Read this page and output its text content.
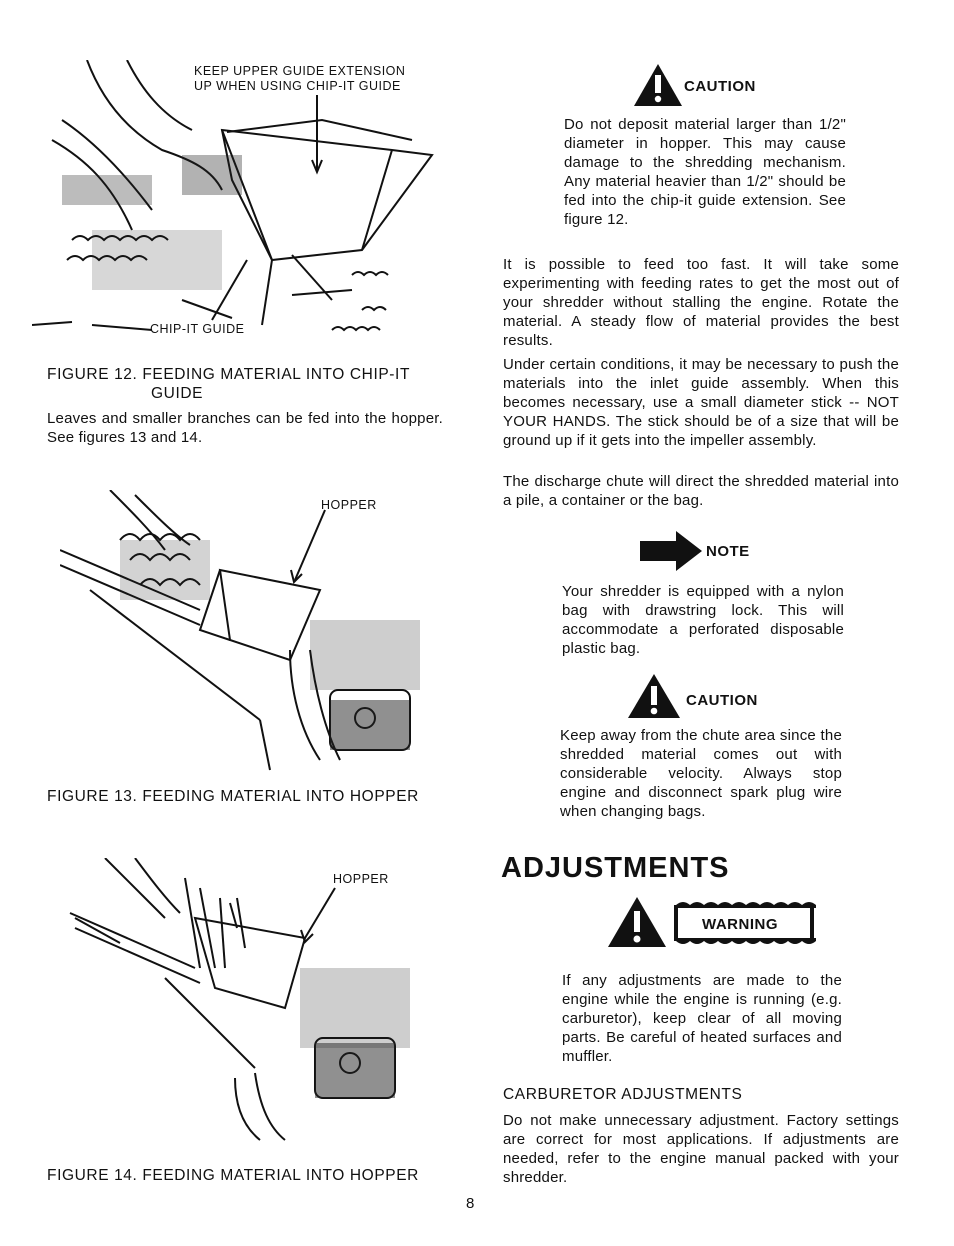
KEEP UPPER GUIDE EXTENSION
UP WHEN USING CHIP-IT GUIDE
CHIP-IT GUIDE
FIGURE 12. FEEDING MATERIAL INTO CHIP-IT
GUIDE
Leaves and smaller branches can be fed into the hopper. See figures 13 and 14.
HOPPER
FIGURE 13. FEEDING MATERIAL INTO HOPPER
HOPPER
FIGURE 14. FEEDING MATERIAL INTO HOPPER
CAUTION
Do not deposit material larger than 1/2" diameter in hopper. This may cause damage to the shredding mechanism. Any material heavier than 1/2" should be fed into the chip-it guide extension. See figure 12.
It is possible to feed too fast. It will take some experimenting with feeding rates to get the most out of your shredder without stalling the engine. Rotate the material. A steady flow of material provides the best results.
Under certain conditions, it may be necessary to push the materials into the inlet guide assembly. When this becomes necessary, use a small diameter stick -- NOT YOUR HANDS. The stick should be of a size that will be ground up if it gets into the impeller assembly.
The discharge chute will direct the shredded material into a pile, a container or the bag.
NOTE
Your shredder is equipped with a nylon bag with drawstring lock. This will accommodate a perforated disposable plastic bag.
CAUTION
Keep away from the chute area since the shredded material comes out with considerable velocity. Always stop engine and disconnect spark plug wire when changing bags.
ADJUSTMENTS
WARNING
If any adjustments are made to the engine while the engine is running (e.g. carburetor), keep clear of all moving parts. Be careful of heated surfaces and muffler.
CARBURETOR ADJUSTMENTS
Do not make unnecessary adjustment. Factory settings are correct for most applications. If adjustments are needed, refer to the engine manual packed with your shredder.
8
